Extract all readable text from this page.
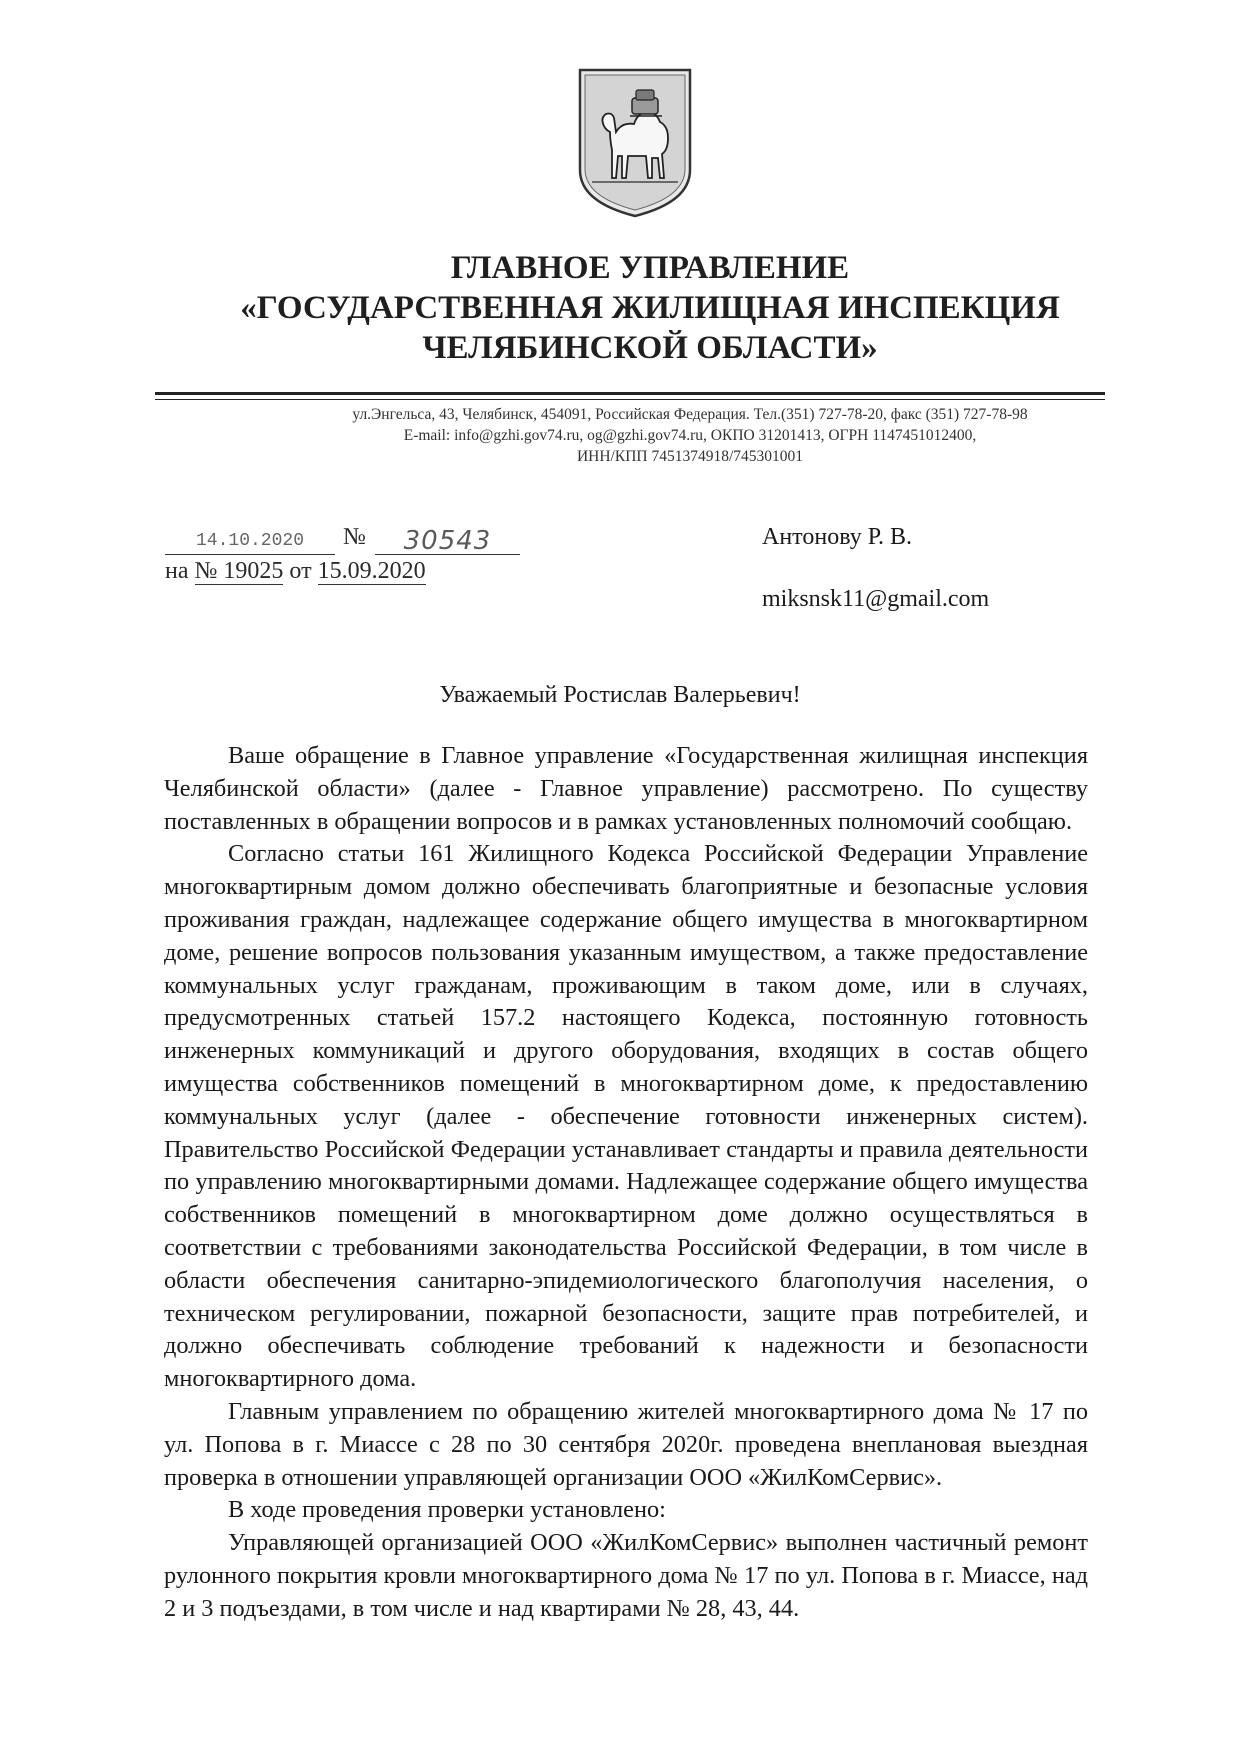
ГЛАВНОЕ УПРАВЛЕНИЕ
«ГОСУДАРСТВЕННАЯ ЖИЛИЩНАЯ ИНСПЕКЦИЯ
ЧЕЛЯБИНСКОЙ ОБЛАСТИ»
ул.Энгельса, 43, Челябинск, 454091, Российская Федерация. Тел.(351) 727-78-20, факс (351) 727-78-98
E-mail: info@gzhi.gov74.ru, og@gzhi.gov74.ru, ОКПО 31201413, ОГРН 1147451012400,
ИНН/КПП 7451374918/745301001
14.10.2020	№	30543
на № 19025 от 15.09.2020
Антонову Р. В.
miksnsk11@gmail.com
Уважаемый Ростислав Валерьевич!

Ваше обращение в Главное управление «Государственная жилищная инспекция Челябинской области» (далее - Главное управление) рассмотрено. По существу поставленных в обращении вопросов и в рамках установленных полномочий сообщаю.

Согласно статьи 161 Жилищного Кодекса Российской Федерации Управление многоквартирным домом должно обеспечивать благоприятные и безопасные условия проживания граждан, надлежащее содержание общего имущества в многоквартирном доме, решение вопросов пользования указанным имуществом, а также предоставление коммунальных услуг гражданам, проживающим в таком доме, или в случаях, предусмотренных статьей 157.2 настоящего Кодекса, постоянную готовность инженерных коммуникаций и другого оборудования, входящих в состав общего имущества собственников помещений в многоквартирном доме, к предоставлению коммунальных услуг (далее - обеспечение готовности инженерных систем). Правительство Российской Федерации устанавливает стандарты и правила деятельности по управлению многоквартирными домами. Надлежащее содержание общего имущества собственников помещений в многоквартирном доме должно осуществляться в соответствии с требованиями законодательства Российской Федерации, в том числе в области обеспечения санитарно-эпидемиологического благополучия населения, о техническом регулировании, пожарной безопасности, защите прав потребителей, и должно обеспечивать соблюдение требований к надежности и безопасности многоквартирного дома.

Главным управлением по обращению жителей многоквартирного дома № 17 по ул. Попова в г. Миассе с 28 по 30 сентября 2020г. проведена внеплановая выездная проверка в отношении управляющей организации ООО «ЖилКомСервис».

В ходе проведения проверки установлено:

Управляющей организацией ООО «ЖилКомСервис» выполнен частичный ремонт рулонного покрытия кровли многоквартирного дома № 17 по ул. Попова в г. Миассе, над 2 и 3 подъездами, в том числе и над квартирами № 28, 43, 44.
